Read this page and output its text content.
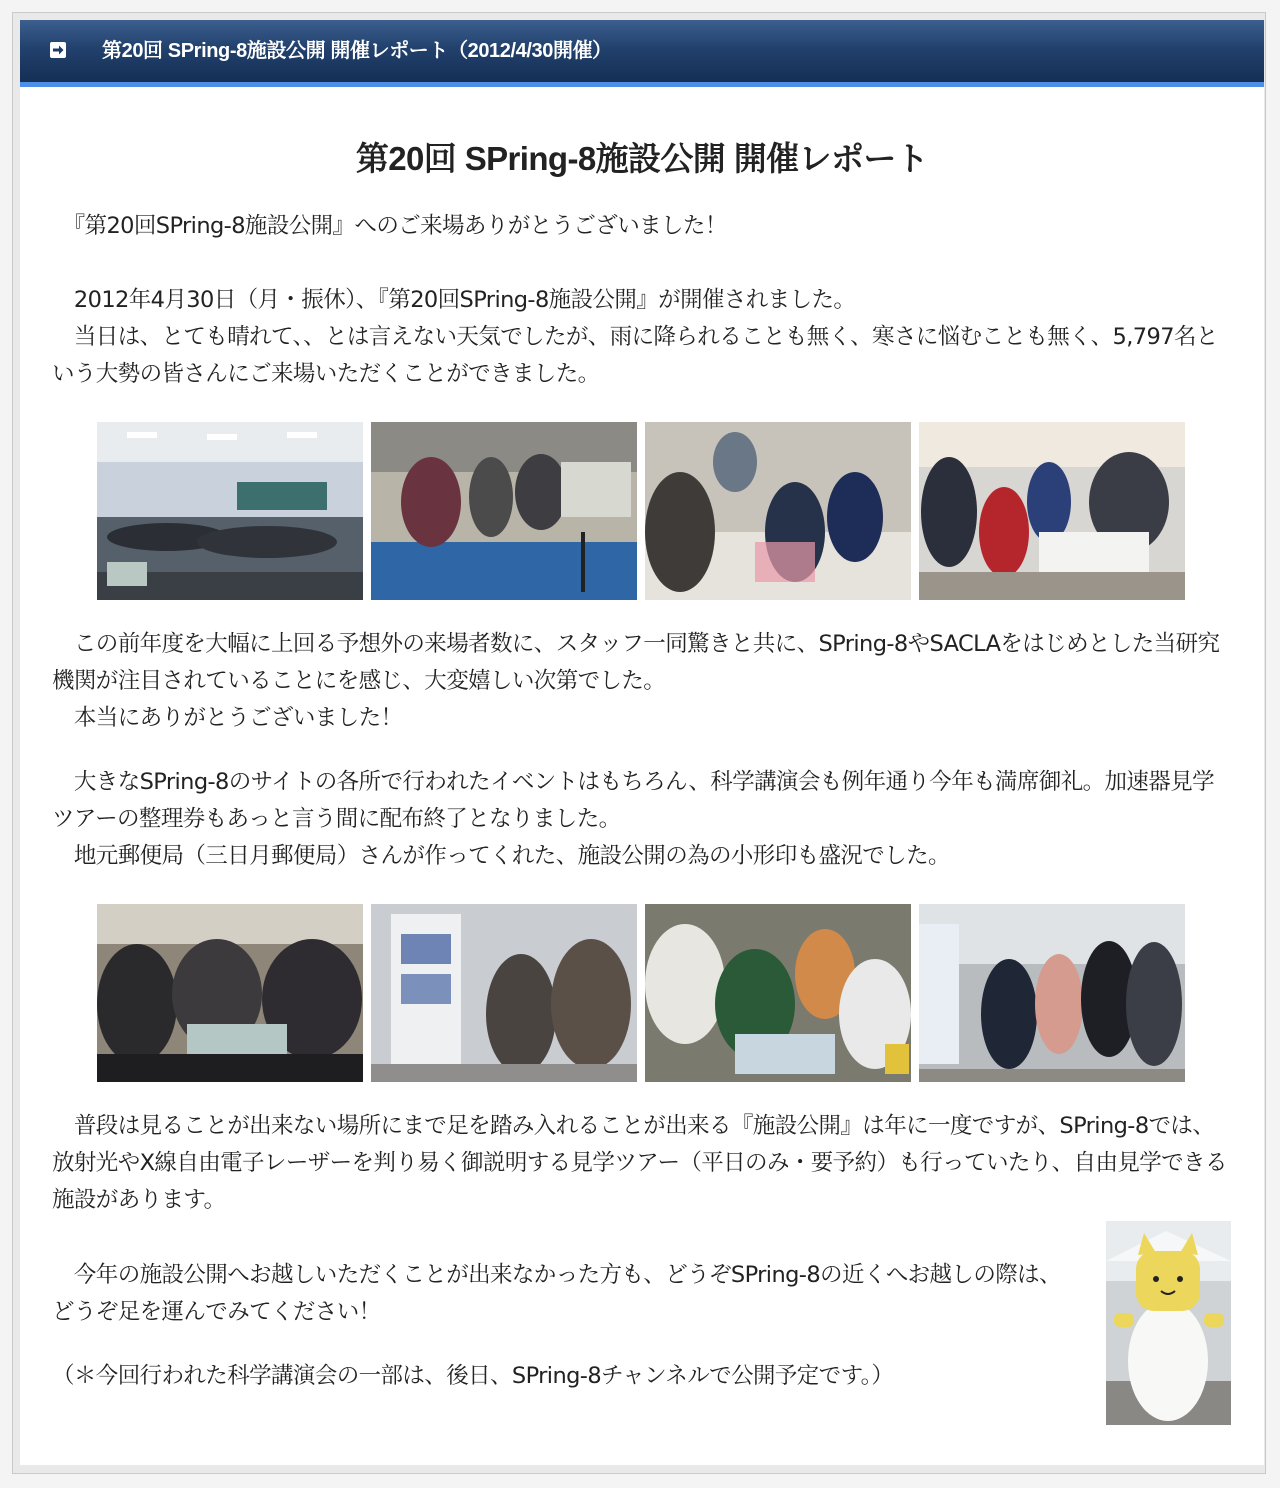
第20回 SPring-8施設公開 開催レポート（2012/4/30開催）
第20回 SPring-8施設公開 開催レポート

　『第20回SPring-8施設公開』へのご来場ありがとうございました！

　2012年4月30日（月・振休）、『第20回SPring-8施設公開』が開催されました。
　当日は、とても晴れて、、とは言えない天気でしたが、雨に降られることも無く、寒さに悩むことも無く、5,797名という大勢の皆さんにご来場いただくことができました。

　この前年度を大幅に上回る予想外の来場者数に、スタッフ一同驚きと共に、SPring-8やSACLAをはじめとした当研究機関が注目されていることにを感じ、大変嬉しい次第でした。
　本当にありがとうございました！

　大きなSPring-8のサイトの各所で行われたイベントはもちろん、科学講演会も例年通り今年も満席御礼。加速器見学ツアーの整理券もあっと言う間に配布終了となりました。
　地元郵便局（三日月郵便局）さんが作ってくれた、施設公開の為の小形印も盛況でした。

　普段は見ることが出来ない場所にまで足を踏み入れることが出来る『施設公開』は年に一度ですが、SPring-8では、放射光やX線自由電子レーザーを判り易く御説明する見学ツアー（平日のみ・要予約）も行っていたり、自由見学できる施設があります。

　今年の施設公開へお越しいただくことが出来なかった方も、どうぞSPring-8の近くへお越しの際は、どうぞ足を運んでみてください！

（＊今回行われた科学講演会の一部は、後日、SPring-8チャンネルで公開予定です。）
